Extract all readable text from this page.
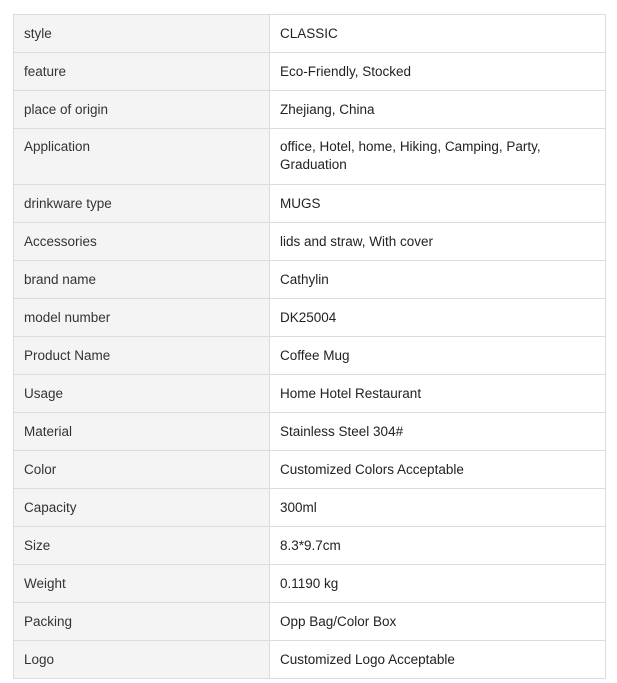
style	CLASSIC
feature	Eco-Friendly, Stocked
place of origin	Zhejiang, China
Application	office, Hotel, home, Hiking, Camping, Party, Graduation
drinkware type	MUGS
Accessories	lids and straw, With cover
brand name	Cathylin
model number	DK25004
Product Name	Coffee Mug
Usage	Home Hotel Restaurant
Material	Stainless Steel 304#
Color	Customized Colors Acceptable
Capacity	300ml
Size	8.3*9.7cm
Weight	0.1190 kg
Packing	Opp Bag/Color Box
Logo	Customized Logo Acceptable
